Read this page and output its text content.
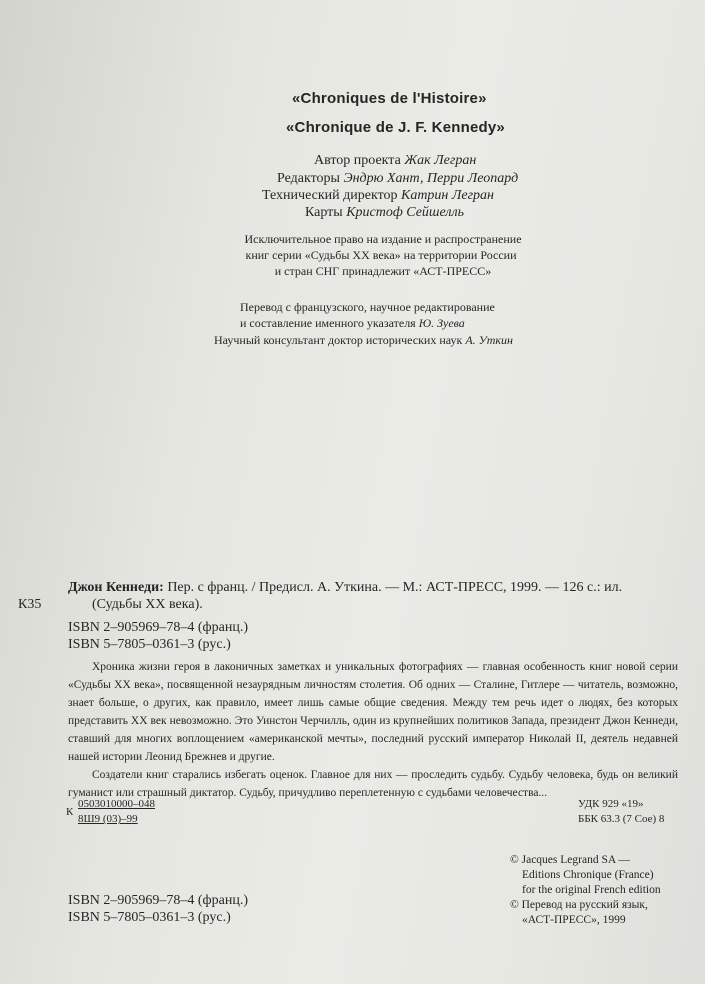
«Chroniques de l'Histoire»
«Chronique de J. F. Kennedy»
Автор проекта Жак Легран
Редакторы Эндрю Хант, Перри Леопард
Технический директор Катрин Легран
Карты Кристоф Сейшелль
Исключительное право на издание и распространение
книг серии «Судьбы XX века» на территории России
и стран СНГ принадлежит «АСТ-ПРЕСС»
Перевод с французского, научное редактирование
и составление именного указателя Ю. Зуева
Научный консультант доктор исторических наук А. Уткин
К35
Джон Кеннеди: Пер. с франц. / Предисл. А. Уткина. — М.: АСТ-ПРЕСС, 1999. — 126 с.: ил.
(Судьбы XX века).
ISBN 2–905969–78–4 (франц.)
ISBN 5–7805–0361–3 (рус.)

Хроника жизни героя в лаконичных заметках и уникальных фотографиях — главная особенность книг новой серии «Судьбы XX века», посвященной незаурядным личностям столетия. Об одних — Сталине, Гитлере — читатель, возможно, знает больше, о других, как правило, имеет лишь самые общие сведения. Между тем речь идет о людях, без которых представить XX век невозможно. Это Уинстон Черчилль, один из крупнейших политиков Запада, президент Джон Кеннеди, ставший для многих воплощением «американской мечты», последний русский император Николай II, деятель недавней нашей истории Леонид Брежнев и другие.

Создатели книг старались избегать оценок. Главное для них — проследить судьбу. Судьбу человека, будь он великий гуманист или страшный диктатор. Судьбу, причудливо переплетенную с судьбами человечества...

К
0503010000–048
8Ш9 (03)–99
УДК 929 «19»
ББК 63.3 (7 Сое) 8
© Jacques Legrand SA —
Editions Chronique (France)
for the original French edition
© Перевод на русский язык,
«АСТ-ПРЕСС», 1999
ISBN 2–905969–78–4 (франц.)
ISBN 5–7805–0361–3 (рус.)
